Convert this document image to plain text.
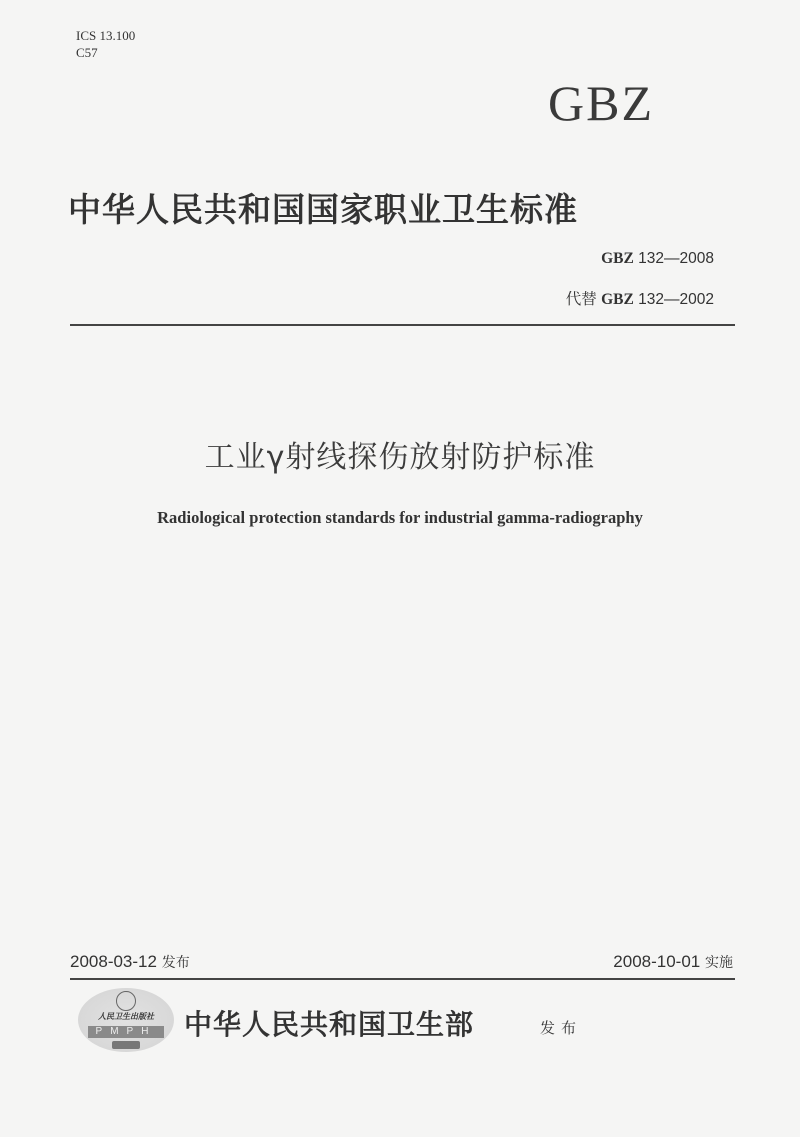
ICS 13.100
C57
GBZ
中华人民共和国国家职业卫生标准
GBZ 132—2008
代替 GBZ 132—2002
工业γ射线探伤放射防护标准
Radiological protection standards for industrial gamma-radiography
2008-03-12 发布	2008-10-01 实施
人民卫生出版社
PMPH 中华人民共和国卫生部	发布
